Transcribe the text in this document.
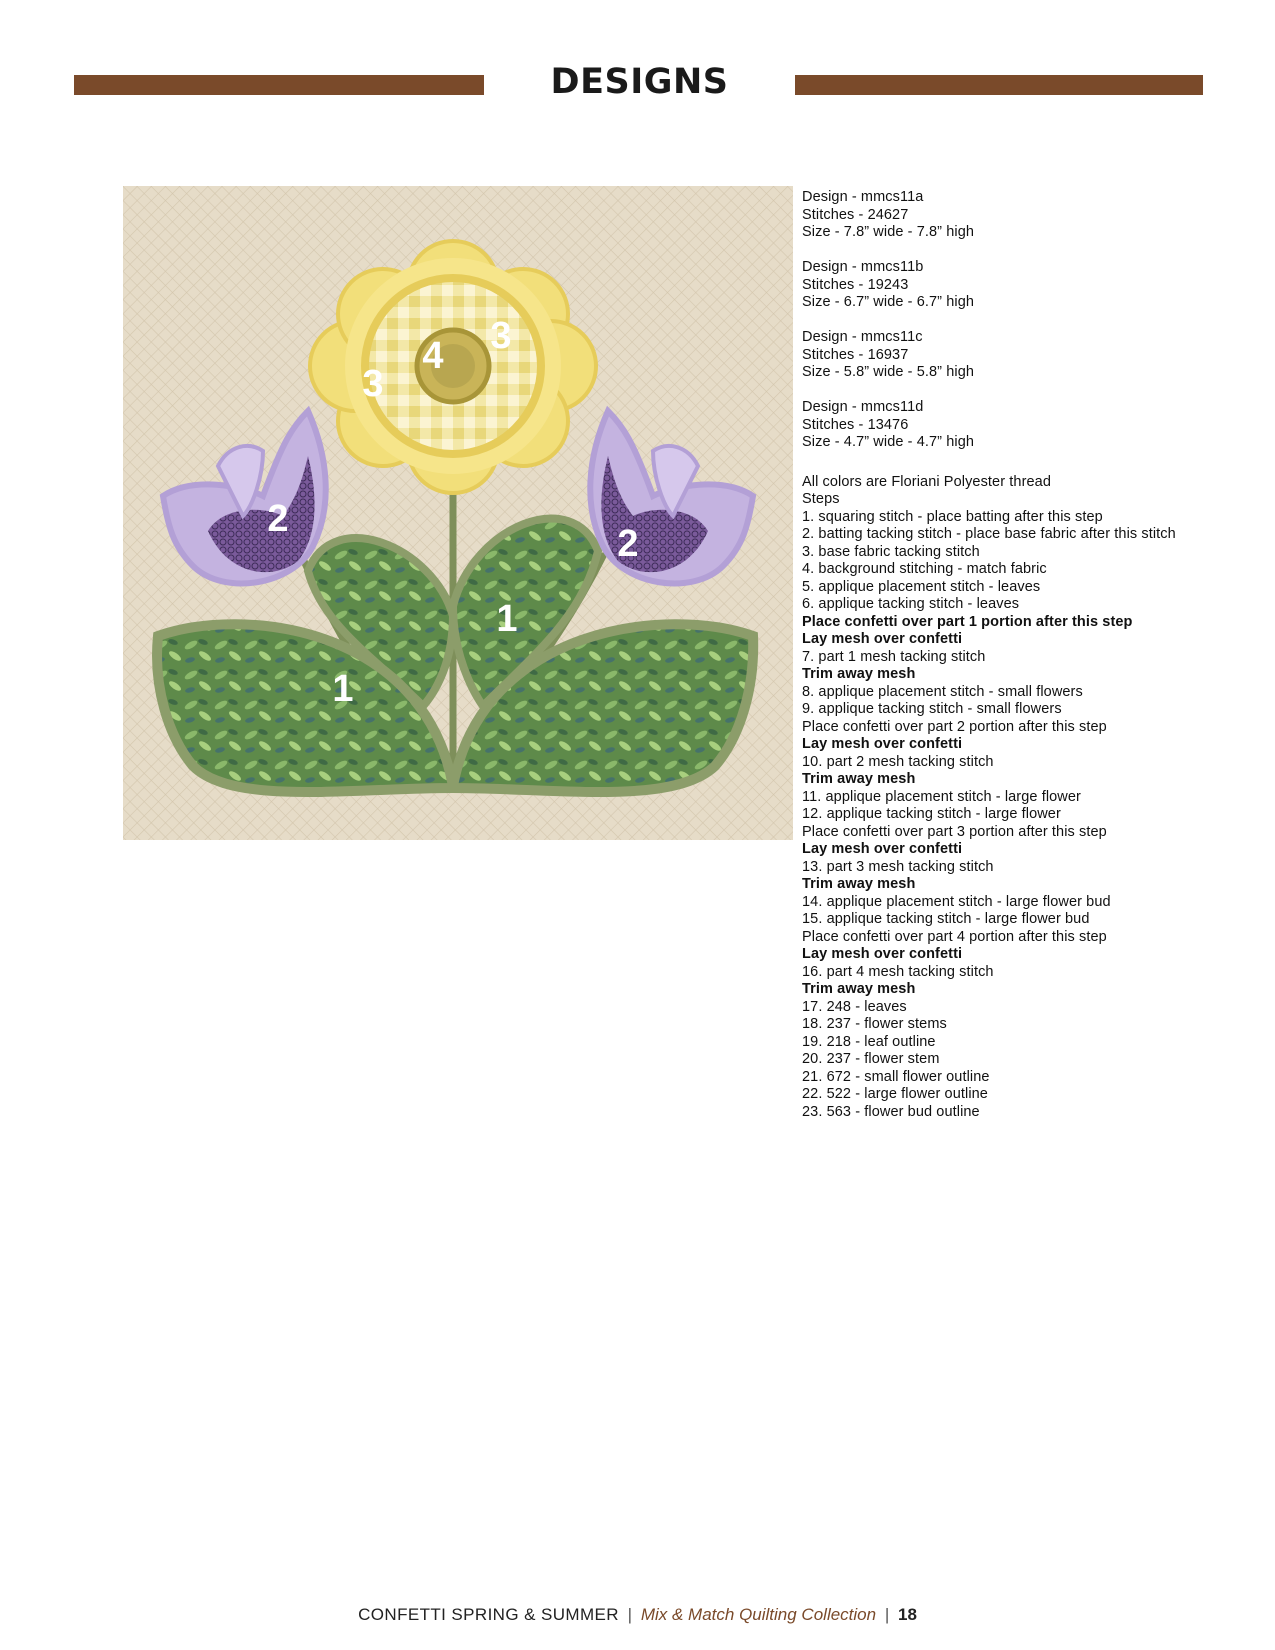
DESIGNS
3
4
3
2
2
1
1
Design - mmcs11a
Stitches - 24627
Size - 7.8” wide - 7.8” high
Design - mmcs11b
Stitches - 19243
Size - 6.7” wide - 6.7” high
Design - mmcs11c
Stitches - 16937
Size - 5.8” wide - 5.8” high
Design - mmcs11d
Stitches - 13476
Size - 4.7” wide - 4.7” high
All colors are Floriani Polyester thread
Steps
1. squaring stitch - place batting after this step
2. batting tacking stitch - place base fabric after this stitch
3. base fabric tacking stitch
4. background stitching - match fabric
5. applique placement stitch - leaves
6. applique tacking stitch - leaves
Place confetti over part 1 portion after this step
Lay mesh over confetti
7. part 1 mesh tacking stitch
Trim away mesh
8. applique placement stitch - small flowers
9. applique tacking stitch - small flowers
Place confetti over part 2 portion after this step
Lay mesh over confetti
10. part 2 mesh tacking stitch
Trim away mesh
11. applique placement stitch - large flower
12. applique tacking stitch - large flower
Place confetti over part 3 portion after this step
Lay mesh over confetti
13. part 3 mesh tacking stitch
Trim away mesh
14. applique placement stitch - large flower bud
15. applique tacking stitch - large flower bud
Place confetti over part 4 portion after this step
Lay mesh over confetti
16. part 4 mesh tacking stitch
Trim away mesh
17. 248 - leaves
18. 237 - flower stems
19. 218 - leaf outline
20. 237 - flower stem
21. 672 - small flower outline
22. 522 - large flower outline
23. 563 - flower bud outline
CONFETTI SPRING & SUMMER | Mix & Match Quilting Collection | 18
